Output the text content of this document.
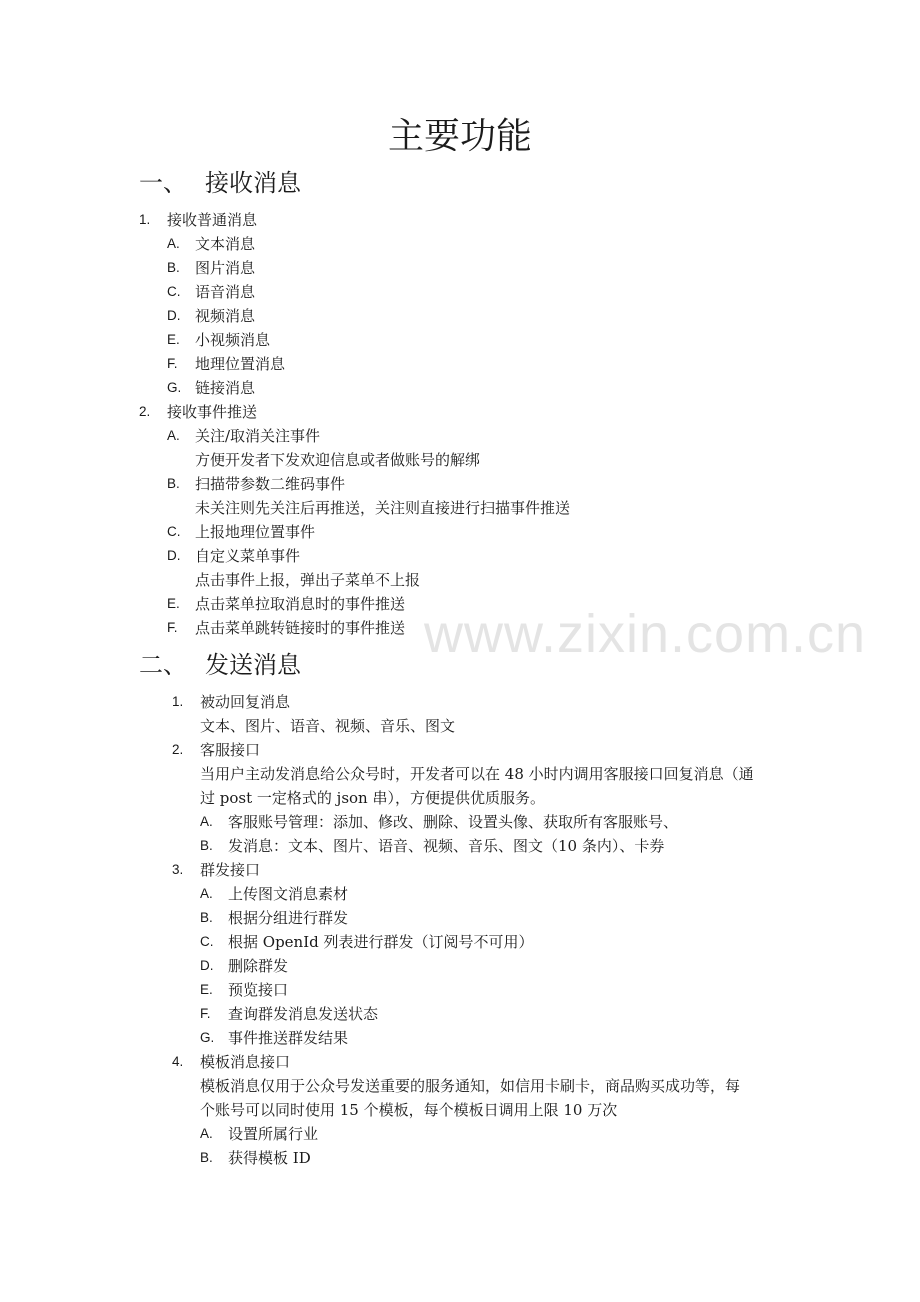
主要功能
一、 接收消息
1. 接收普通消息
A. 文本消息
B. 图片消息
C. 语音消息
D. 视频消息
E. 小视频消息
F. 地理位置消息
G. 链接消息
2. 接收事件推送
A. 关注/取消关注事件
方便开发者下发欢迎信息或者做账号的解绑
B. 扫描带参数二维码事件
未关注则先关注后再推送，关注则直接进行扫描事件推送
C. 上报地理位置事件
D. 自定义菜单事件
点击事件上报，弹出子菜单不上报
E. 点击菜单拉取消息时的事件推送
F. 点击菜单跳转链接时的事件推送
二、 发送消息
1. 被动回复消息
文本、图片、语音、视频、音乐、图文
2. 客服接口
当用户主动发消息给公众号时，开发者可以在 48 小时内调用客服接口回复消息（通
过 post 一定格式的 json 串），方便提供优质服务。
A. 客服账号管理：添加、修改、删除、设置头像、获取所有客服账号、
B. 发消息：文本、图片、语音、视频、音乐、图文（10 条内）、卡券
3. 群发接口
A. 上传图文消息素材
B. 根据分组进行群发
C. 根据 OpenId 列表进行群发（订阅号不可用）
D. 删除群发
E. 预览接口
F. 查询群发消息发送状态
G. 事件推送群发结果
4. 模板消息接口
模板消息仅用于公众号发送重要的服务通知，如信用卡刷卡，商品购买成功等，每
个账号可以同时使用 15 个模板，每个模板日调用上限 10 万次
A. 设置所属行业
B. 获得模板 ID
www.zixin.com.cn
